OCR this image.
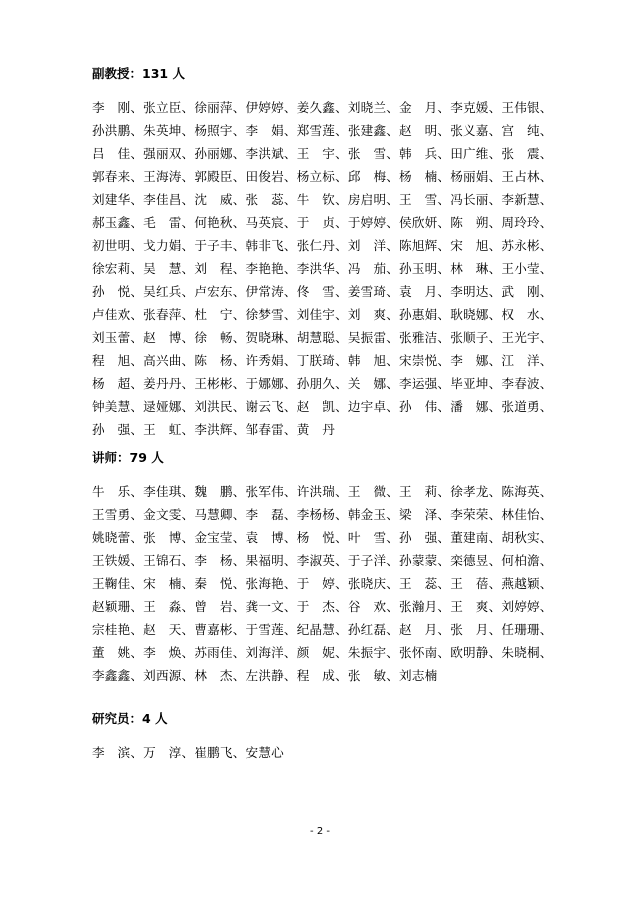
副教授：131 人
李　刚、张立臣、徐丽萍、伊婷婷、姜久鑫、刘晓兰、金　月、李克媛、王伟银、
孙洪鹏、朱英坤、杨照宇、李　娟、郑雪莲、张建鑫、赵　明、张义嘉、宫　纯、
吕　佳、强丽双、孙丽娜、李洪斌、王　宇、张　雪、韩　兵、田广维、张　震、
郭春来、王海涛、郭殿臣、田俊岩、杨立标、邱　梅、杨　楠、杨丽娟、王占林、
刘建华、李佳昌、沈　威、张　蕊、牛　钦、房启明、王　雪、冯长丽、李新慧、
郝玉鑫、毛　雷、何艳秋、马英宸、于　贞、于婷婷、侯欣妍、陈　朔、周玲玲、
初世明、戈力娟、于子丰、韩非飞、张仁丹、刘　洋、陈旭辉、宋　旭、苏永彬、
徐宏莉、吴　慧、刘　程、李艳艳、李洪华、冯　茄、孙玉明、林　琳、王小莹、
孙　悦、吴红兵、卢宏东、伊常涛、佟　雪、姜雪琦、袁　月、李明达、武　刚、
卢佳欢、张春萍、杜　宁、徐梦雪、刘佳宇、刘　爽、孙惠娟、耿晓娜、权　水、
刘玉蕾、赵　博、徐　畅、贺晓琳、胡慧聪、吴振雷、张雅洁、张顺子、王光宇、
程　旭、高兴曲、陈　杨、许秀娟、丁朕琦、韩　旭、宋崇悦、李　娜、江　洋、
杨　超、姜丹丹、王彬彬、于娜娜、孙朋久、关　娜、李运强、毕亚坤、李春波、
钟美慧、逯娅娜、刘洪民、谢云飞、赵　凯、边宇卓、孙　伟、潘　娜、张道勇、
孙　强、王　虹、李洪辉、邹春雷、黄　丹
讲师：79 人
牛　乐、李佳琪、魏　鹏、张军伟、许洪瑞、王　微、王　莉、徐孝龙、陈海英、
王雪勇、金文雯、马慧卿、李　磊、李杨杨、韩金玉、梁　泽、李荣荣、林佳怡、
姚晓蕾、张　博、金宝莹、袁　博、杨　悦、叶　雪、孙　强、董建南、胡秋实、
王铁媛、王锦石、李　杨、果福明、李淑英、于子洋、孙蒙蒙、栾德昱、何柏澹、
王鞠佳、宋　楠、秦　悦、张海艳、于　婷、张晓庆、王　蕊、王　蓓、燕越颖、
赵颖珊、王　淼、曾　岩、龚一文、于　杰、谷　欢、张瀚月、王　爽、刘婷婷、
宗桂艳、赵　天、曹嘉彬、于雪莲、纪晶慧、孙红磊、赵　月、张　月、任珊珊、
董　姚、李　焕、苏雨佳、刘海洋、颜　妮、朱振宇、张怀南、欧明静、朱晓桐、
李鑫鑫、刘西源、林　杰、左洪静、程　成、张　敏、刘志楠
研究员：4 人
李　滨、万　淳、崔鹏飞、安慧心
- 2 -
